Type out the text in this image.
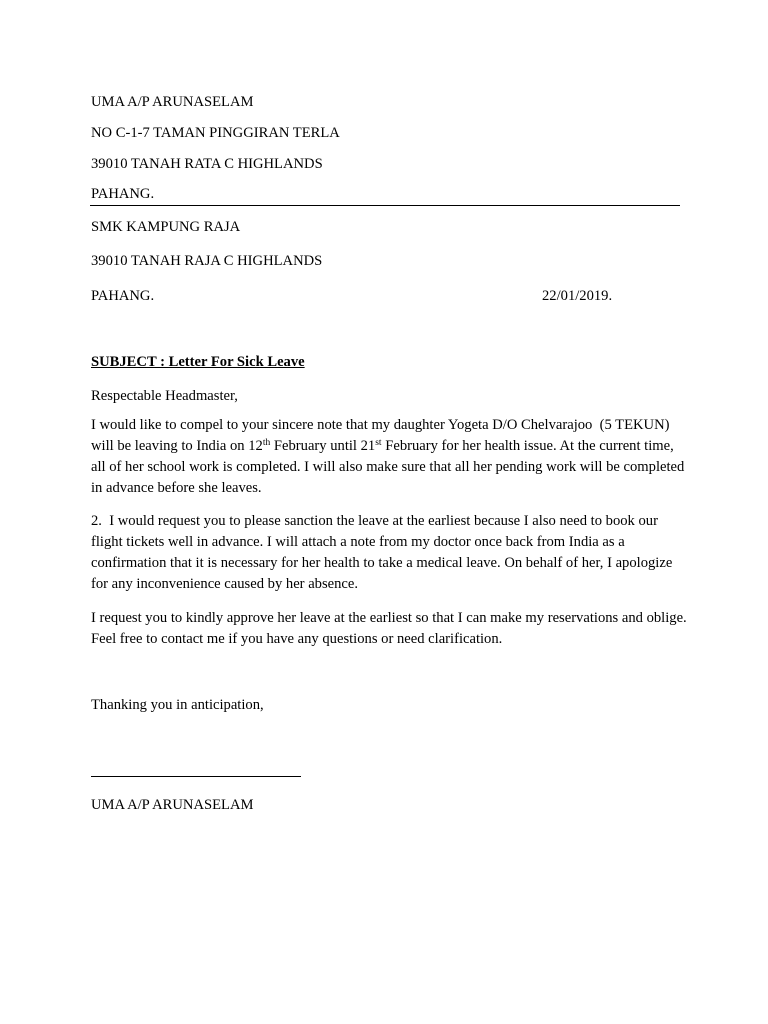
UMA A/P ARUNASELAM
NO C-1-7 TAMAN PINGGIRAN TERLA
39010 TANAH RATA C HIGHLANDS
PAHANG.
SMK KAMPUNG RAJA
39010 TANAH RAJA C HIGHLANDS
PAHANG.	22/01/2019.
SUBJECT : Letter For Sick Leave
Respectable Headmaster,
I would like to compel to your sincere note that my daughter Yogeta D/O Chelvarajoo  (5 TEKUN) will be leaving to India on 12th February until 21st February for her health issue. At the current time, all of her school work is completed. I will also make sure that all her pending work will be completed in advance before she leaves.
2.  I would request you to please sanction the leave at the earliest because I also need to book our flight tickets well in advance. I will attach a note from my doctor once back from India as a confirmation that it is necessary for her health to take a medical leave. On behalf of her, I apologize for any inconvenience caused by her absence.
I request you to kindly approve her leave at the earliest so that I can make my reservations and oblige. Feel free to contact me if you have any questions or need clarification.
Thanking you in anticipation,
UMA A/P ARUNASELAM
